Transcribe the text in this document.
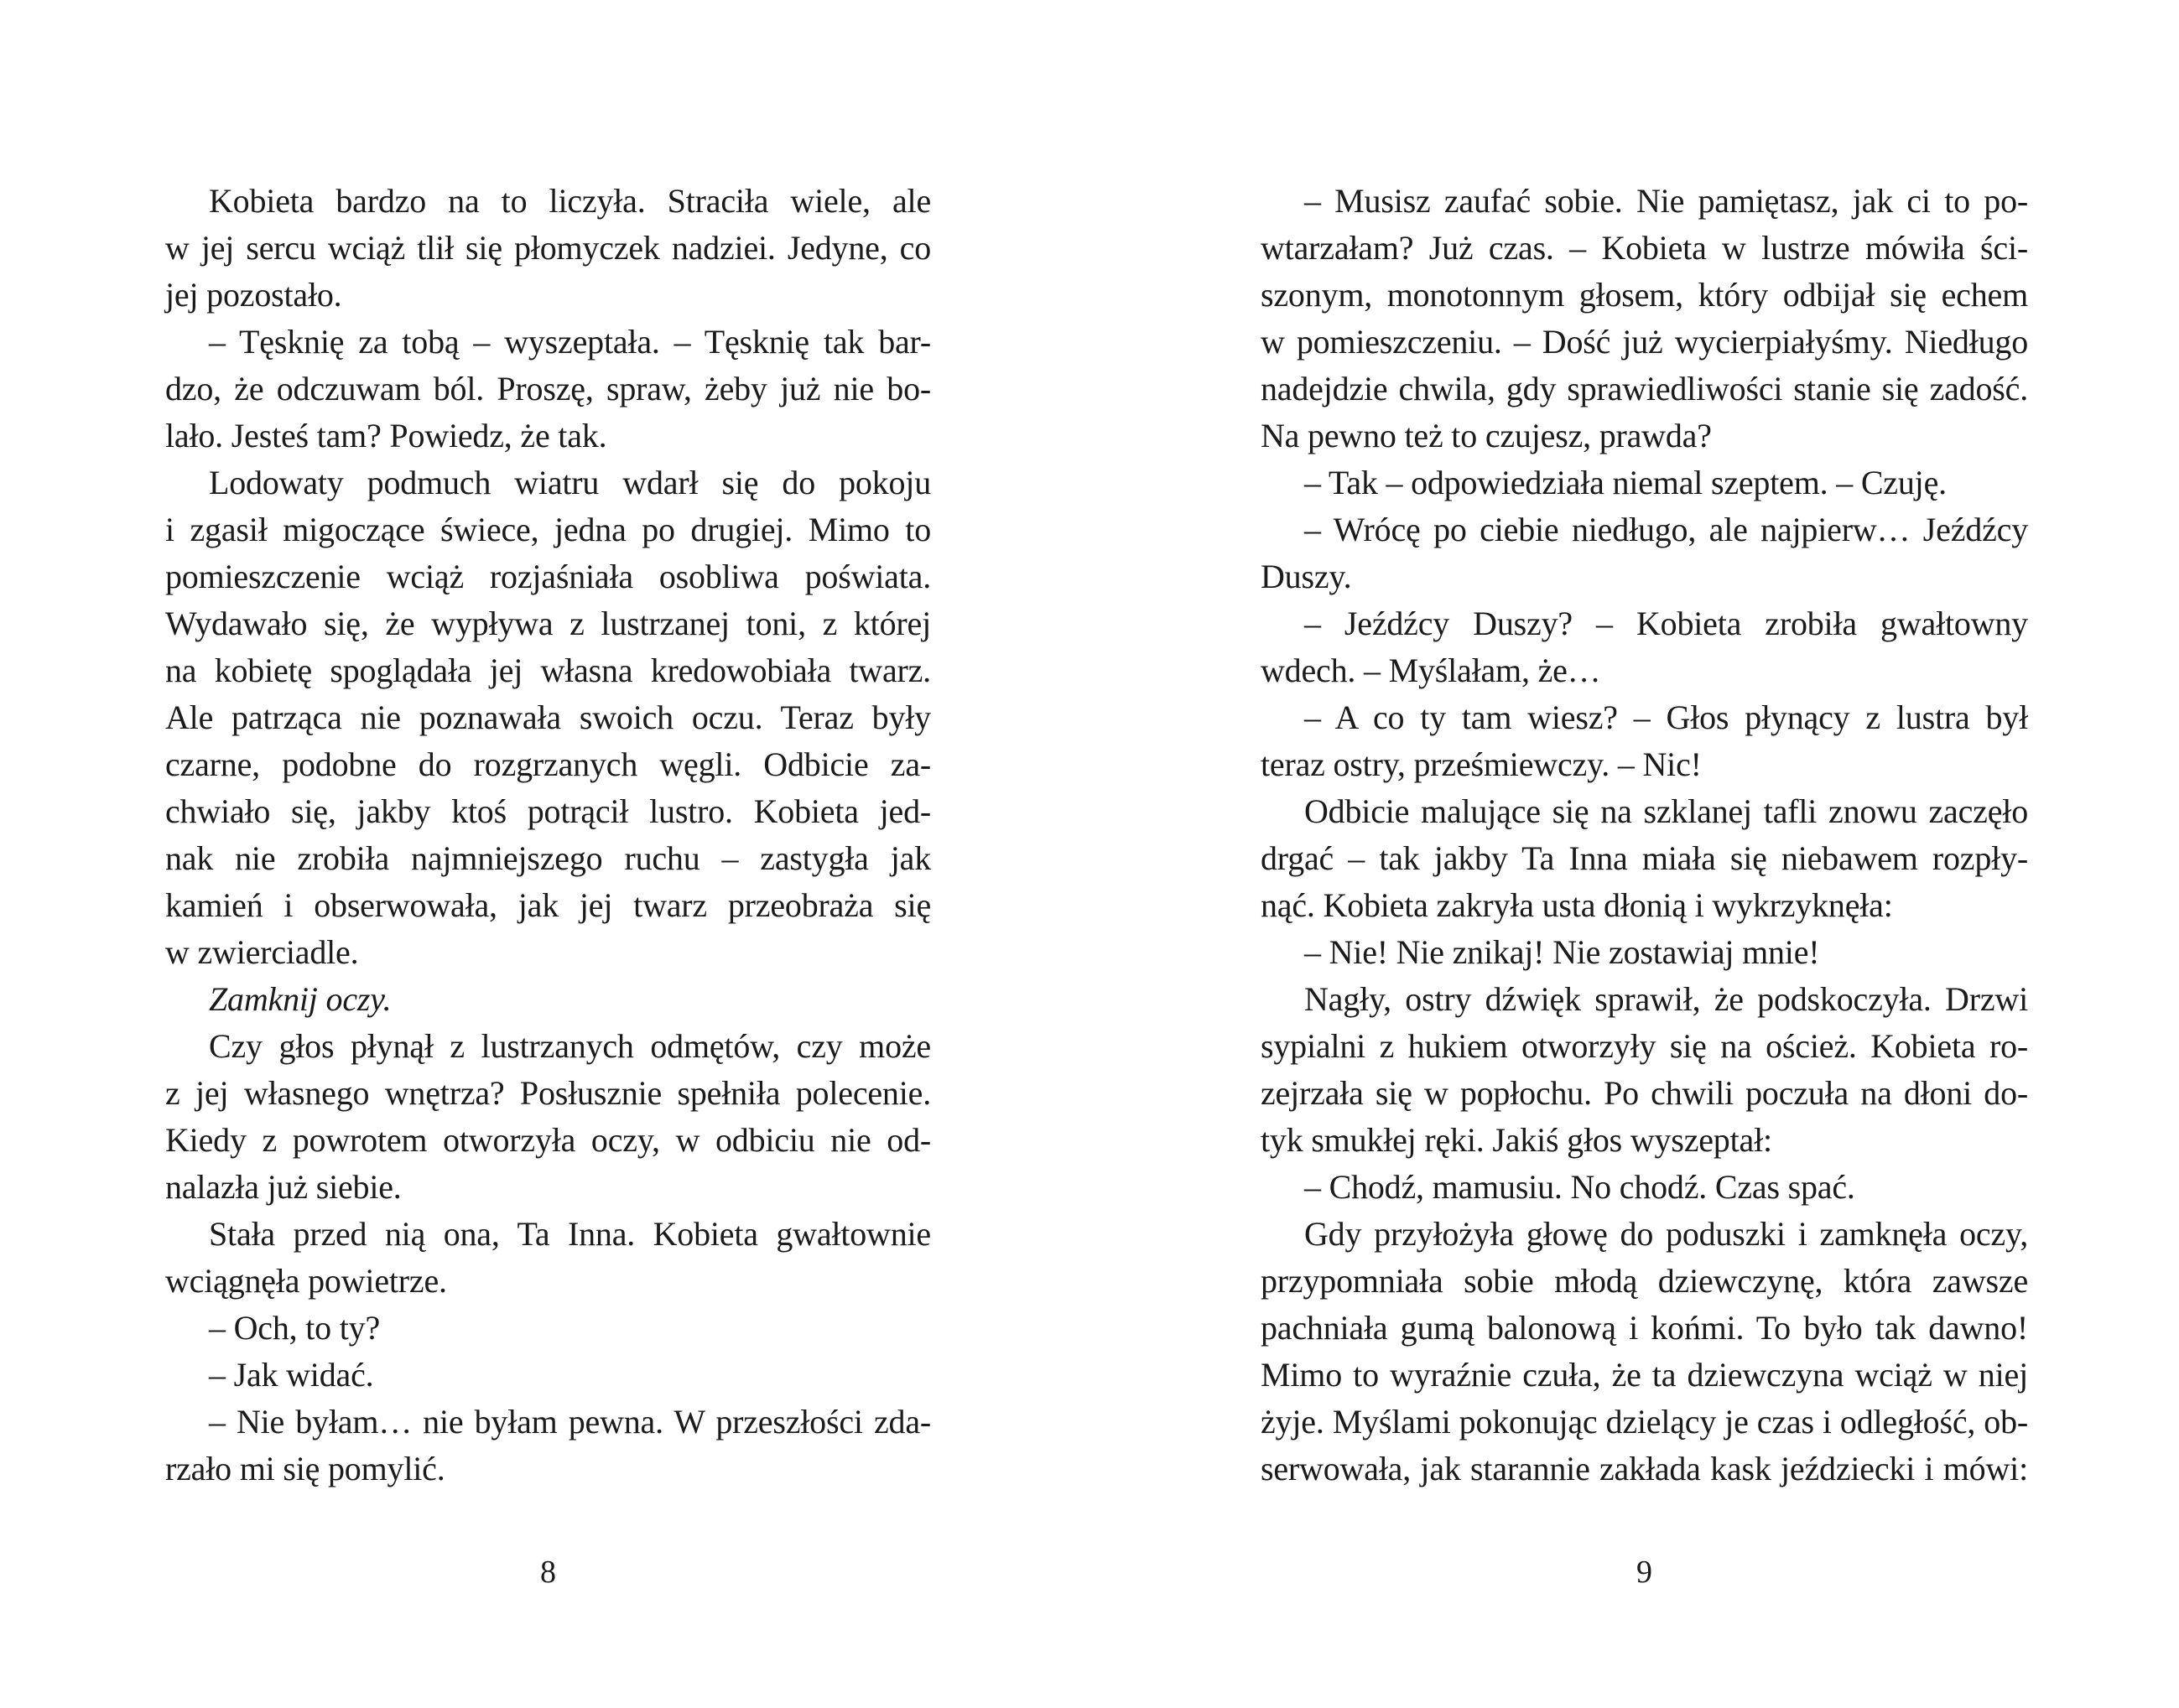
Kobieta bardzo na to liczyła. Straciła wiele, ale
w jej sercu wciąż tlił się płomyczek nadziei. Jedyne, co
jej pozostało.
– Tęsknię za tobą – wyszeptała. – Tęsknię tak bar-
dzo, że odczuwam ból. Proszę, spraw, żeby już nie bo-
lało. Jesteś tam? Powiedz, że tak.
Lodowaty podmuch wiatru wdarł się do pokoju
i zgasił migoczące świece, jedna po drugiej. Mimo to
pomieszczenie wciąż rozjaśniała osobliwa poświata.
Wydawało się, że wypływa z lustrzanej toni, z której
na kobietę spoglądała jej własna kredowobiała twarz.
Ale patrząca nie poznawała swoich oczu. Teraz były
czarne, podobne do rozgrzanych węgli. Odbicie za-
chwiało się, jakby ktoś potrącił lustro. Kobieta jed-
nak nie zrobiła najmniejszego ruchu – zastygła jak
kamień i obserwowała, jak jej twarz przeobraża się
w zwierciadle.
Zamknij oczy.
Czy głos płynął z lustrzanych odmętów, czy może
z jej własnego wnętrza? Posłusznie spełniła polecenie.
Kiedy z powrotem otworzyła oczy, w odbiciu nie od-
nalazła już siebie.
Stała przed nią ona, Ta Inna. Kobieta gwałtownie
wciągnęła powietrze.
– Och, to ty?
– Jak widać.
– Nie byłam… nie byłam pewna. W przeszłości zda-
rzało mi się pomylić.
8
– Musisz zaufać sobie. Nie pamiętasz, jak ci to po-
wtarzałam? Już czas. – Kobieta w lustrze mówiła ści-
szonym, monotonnym głosem, który odbijał się echem
w pomieszczeniu. – Dość już wycierpiałyśmy. Niedługo
nadejdzie chwila, gdy sprawiedliwości stanie się zadość.
Na pewno też to czujesz, prawda?
– Tak – odpowiedziała niemal szeptem. – Czuję.
– Wrócę po ciebie niedługo, ale najpierw… Jeźdźcy
Duszy.
– Jeźdźcy Duszy? – Kobieta zrobiła gwałtowny
wdech. – Myślałam, że…
– A co ty tam wiesz? – Głos płynący z lustra był
teraz ostry, prześmiewczy. – Nic!
Odbicie malujące się na szklanej tafli znowu zaczęło
drgać – tak jakby Ta Inna miała się niebawem rozpły-
nąć. Kobieta zakryła usta dłonią i wykrzyknęła:
– Nie! Nie znikaj! Nie zostawiaj mnie!
Nagły, ostry dźwięk sprawił, że podskoczyła. Drzwi
sypialni z hukiem otworzyły się na oścież. Kobieta ro-
zejrzała się w popłochu. Po chwili poczuła na dłoni do-
tyk smukłej ręki. Jakiś głos wyszeptał:
– Chodź, mamusiu. No chodź. Czas spać.
Gdy przyłożyła głowę do poduszki i zamknęła oczy,
przypomniała sobie młodą dziewczynę, która zawsze
pachniała gumą balonową i końmi. To było tak dawno!
Mimo to wyraźnie czuła, że ta dziewczyna wciąż w niej
żyje. Myślami pokonując dzielący je czas i odległość, ob-
serwowała, jak starannie zakłada kask jeździecki i mówi:
9
